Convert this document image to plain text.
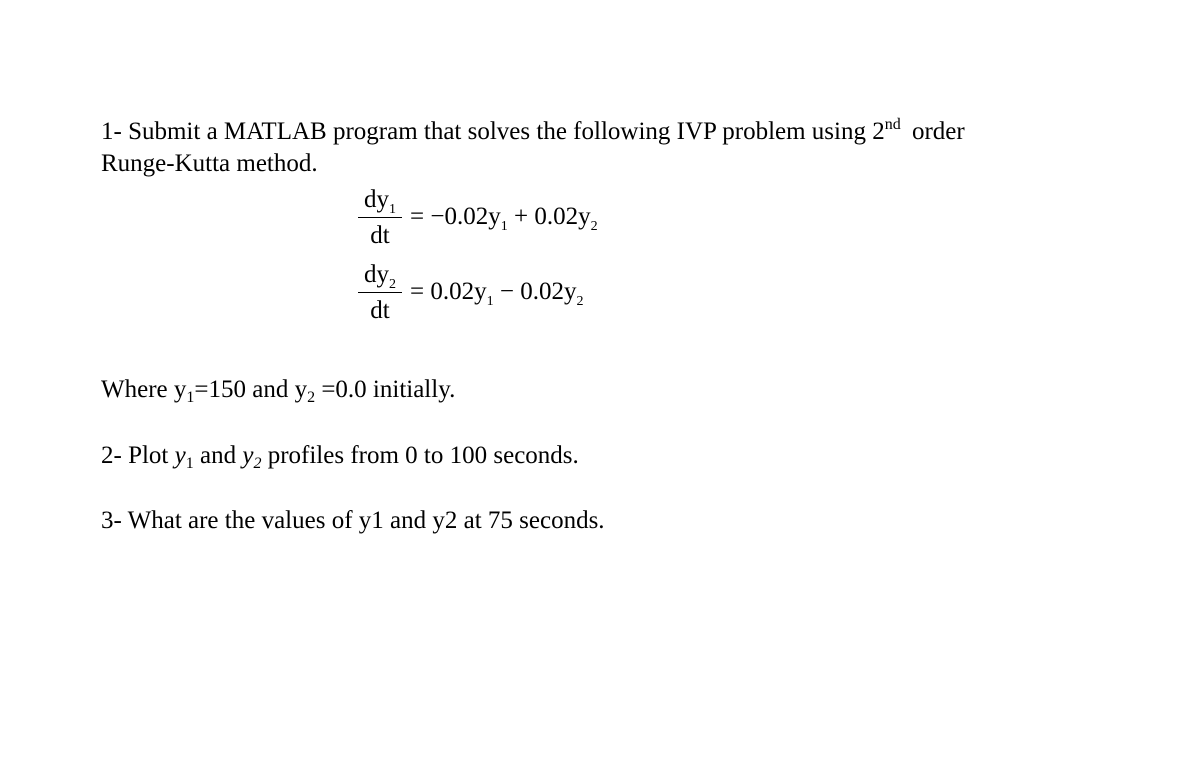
1- Submit a MATLAB program that solves the following IVP problem using 2nd order
Runge-Kutta method.
$\frac{dy_1}{dt} = -0.02y_1 + 0.02y_2$
$\frac{dy_2}{dt} = 0.02y_1 - 0.02y_2$
Where $y_1=150$ and $y_2 =0.0$ initially.
2- Plot $y_1$ and $y_2$ profiles from 0 to 100 seconds.
3- What are the values of y1 and y2 at 75 seconds.
